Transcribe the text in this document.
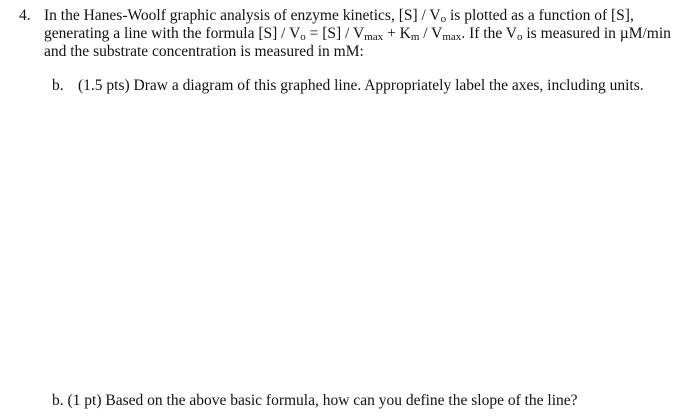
4. In the Hanes-Woolf graphic analysis of enzyme kinetics, [S] / Vo is plotted as a function of [S],
generating a line with the formula [S] / Vo = [S] / Vmax + Km / Vmax. If the Vo is measured in µM/min
and the substrate concentration is measured in mM:
b. (1.5 pts) Draw a diagram of this graphed line. Appropriately label the axes, including units.
b. (1 pt) Based on the above basic formula, how can you define the slope of the line?
